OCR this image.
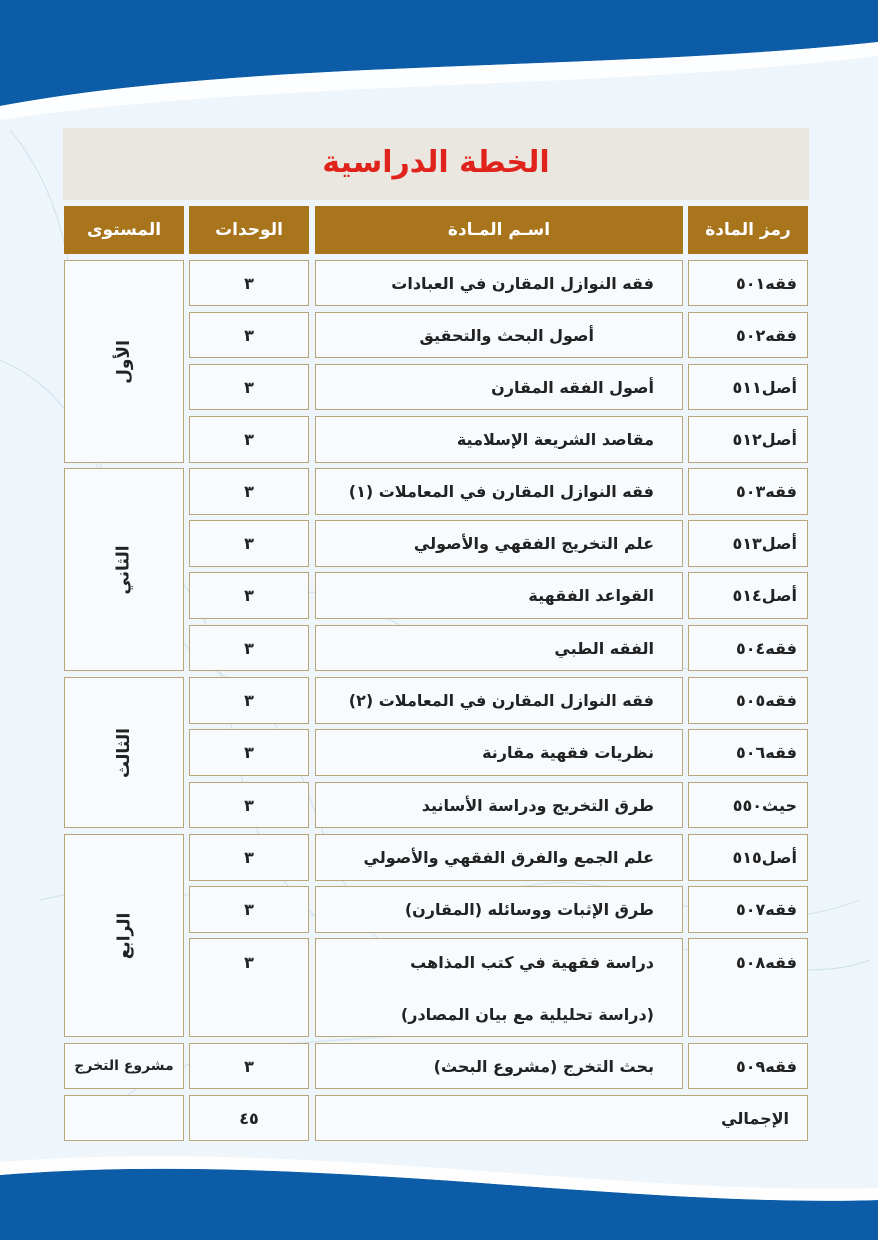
الخطة الدراسية
رمز المادة
اسـم المـادة
الوحدات
المستوى
الأول
الثاني
الثالث
الرابع
مشروع التخرج
فقه٥٠١
فقه النوازل المقارن في العبادات
٣
فقه٥٠٢
أصول البحث والتحقيق
٣
أصل٥١١
أصول الفقه المقارن
٣
أصل٥١٢
مقاصد الشريعة الإسلامية
٣
فقه٥٠٣
فقه النوازل المقارن في المعاملات (١)
٣
أصل٥١٣
علم التخريج الفقهي والأصولي
٣
أصل٥١٤
القواعد الفقهية
٣
فقه٥٠٤
الفقه الطبي
٣
فقه٥٠٥
فقه النوازل المقارن في المعاملات (٢)
٣
فقه٥٠٦
نظريات فقهية مقارنة
٣
حيث٥٥٠
طرق التخريج ودراسة الأسانيد
٣
أصل٥١٥
علم الجمع والفرق الفقهي والأصولي
٣
فقه٥٠٧
طرق الإثبات ووسائله (المقارن)
٣
فقه٥٠٨
دراسة فقهية في كتب المذاهب
(دراسة تحليلية مع بيان المصادر)
٣
فقه٥٠٩
بحث التخرج (مشروع البحث)
٣
الإجمالي
٤٥
